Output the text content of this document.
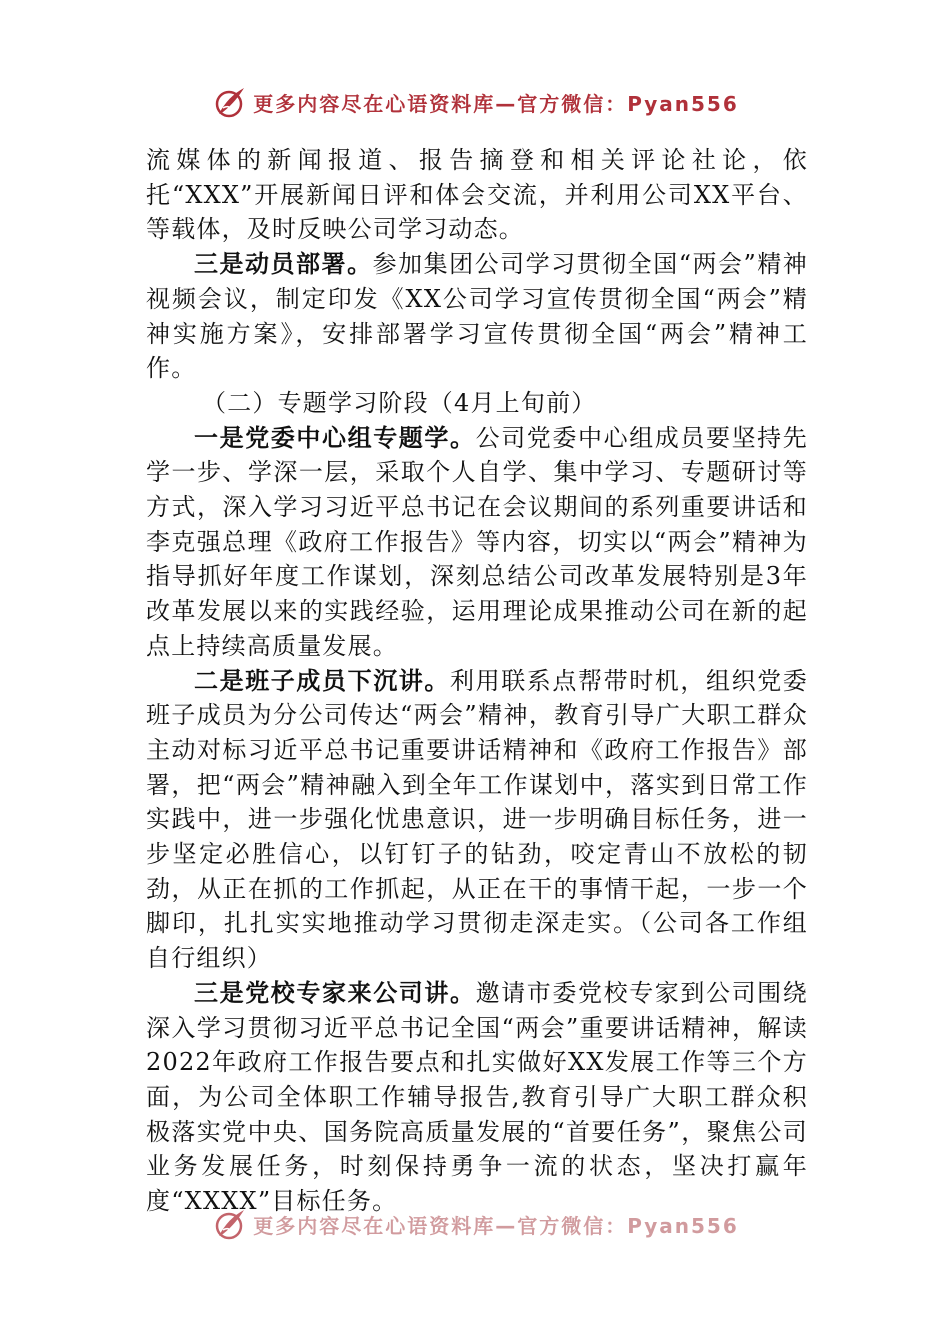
更多内容尽在心语资料库—官方微信：Pyan556

流媒体的新闻报道、报告摘登和相关评论社论，依托“XXX”开展新闻日评和体会交流，并利用公司XX平台、等载体，及时反映公司学习动态。

三是动员部署。参加集团公司学习贯彻全国“两会”精神视频会议，制定印发《XX公司学习宣传贯彻全国“两会”精神实施方案》，安排部署学习宣传贯彻全国“两会”精神工作。

（二）专题学习阶段（4月上旬前）

一是党委中心组专题学。公司党委中心组成员要坚持先学一步、学深一层，采取个人自学、集中学习、专题研讨等方式，深入学习习近平总书记在会议期间的系列重要讲话和李克强总理《政府工作报告》等内容，切实以“两会”精神为指导抓好年度工作谋划，深刻总结公司改革发展特别是3年改革发展以来的实践经验，运用理论成果推动公司在新的起点上持续高质量发展。

二是班子成员下沉讲。利用联系点帮带时机，组织党委班子成员为分公司传达“两会”精神，教育引导广大职工群众主动对标习近平总书记重要讲话精神和《政府工作报告》部署，把“两会”精神融入到全年工作谋划中，落实到日常工作实践中，进一步强化忧患意识，进一步明确目标任务，进一步坚定必胜信心，以钉钉子的钻劲，咬定青山不放松的韧劲，从正在抓的工作抓起，从正在干的事情干起，一步一个脚印，扎扎实实地推动学习贯彻走深走实。（公司各工作组自行组织）

三是党校专家来公司讲。邀请市委党校专家到公司围绕深入学习贯彻习近平总书记全国“两会”重要讲话精神，解读2022年政府工作报告要点和扎实做好XX发展工作等三个方面，为公司全体职工作辅导报告,教育引导广大职工群众积极落实党中央、国务院高质量发展的“首要任务”，聚焦公司业务发展任务，时刻保持勇争一流的状态，坚决打赢年度“XXXX”目标任务。

更多内容尽在心语资料库—官方微信：Pyan556
